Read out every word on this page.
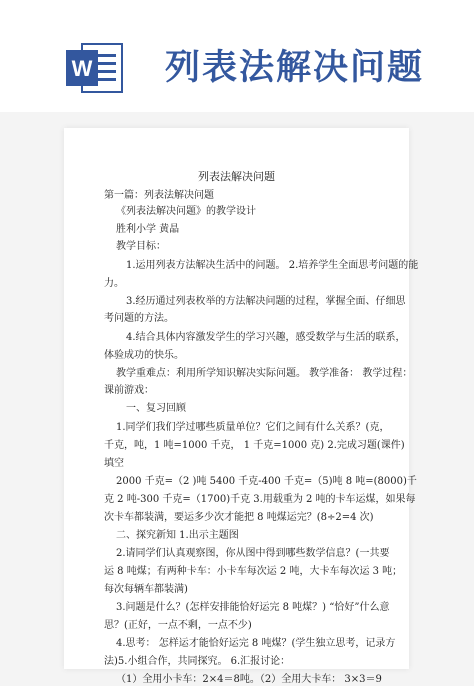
W 列表法解决问题
列表法解决问题
第一篇：列表法解决问题
《列表法解决问题》的教学设计
胜利小学 黄晶
教学目标：
1.运用列表方法解决生活中的问题。 2.培养学生全面思考问题的能
力。
3.经历通过列表枚举的方法解决问题的过程，掌握全面、仔细思
考问题的方法。
4.结合具体内容激发学生的学习兴趣，感受数学与生活的联系，
体验成功的快乐。
教学重难点：利用所学知识解决实际问题。 教学准备： 教学过程：
课前游戏：
一、复习回顾
1.同学们我们学过哪些质量单位？它们之间有什么关系？(克，
千克，吨，1 吨=1000 千克， 1 千克=1000 克) 2.完成习题(课件)
填空
2000 千克=（2 )吨 5400 千克-400 千克=（5)吨 8 吨=(8000)千
克 2 吨-300 千克=（1700)千克 3.用载重为 2 吨的卡车运煤，如果每
次卡车都装满，要运多少次才能把 8 吨煤运完？(8÷2=4 次)
二、探究新知 1.出示主题图
2.请同学们认真观察图，你从图中得到哪些数学信息？(一共要
运 8 吨煤；有两种卡车：小卡车每次运 2 吨，大卡车每次运 3 吨；
每次每辆车都装满)
3.问题是什么？(怎样安排能恰好运完 8 吨煤？) “恰好”什么意
思？(正好，一点不剩，一点不少)
4.思考： 怎样运才能恰好运完 8 吨煤？(学生独立思考，记录方
法)5.小组合作，共同探究。 6.汇报讨论：
（1）全用小卡车：2×4＝8吨。（2）全用大卡车： 3×3＝9
